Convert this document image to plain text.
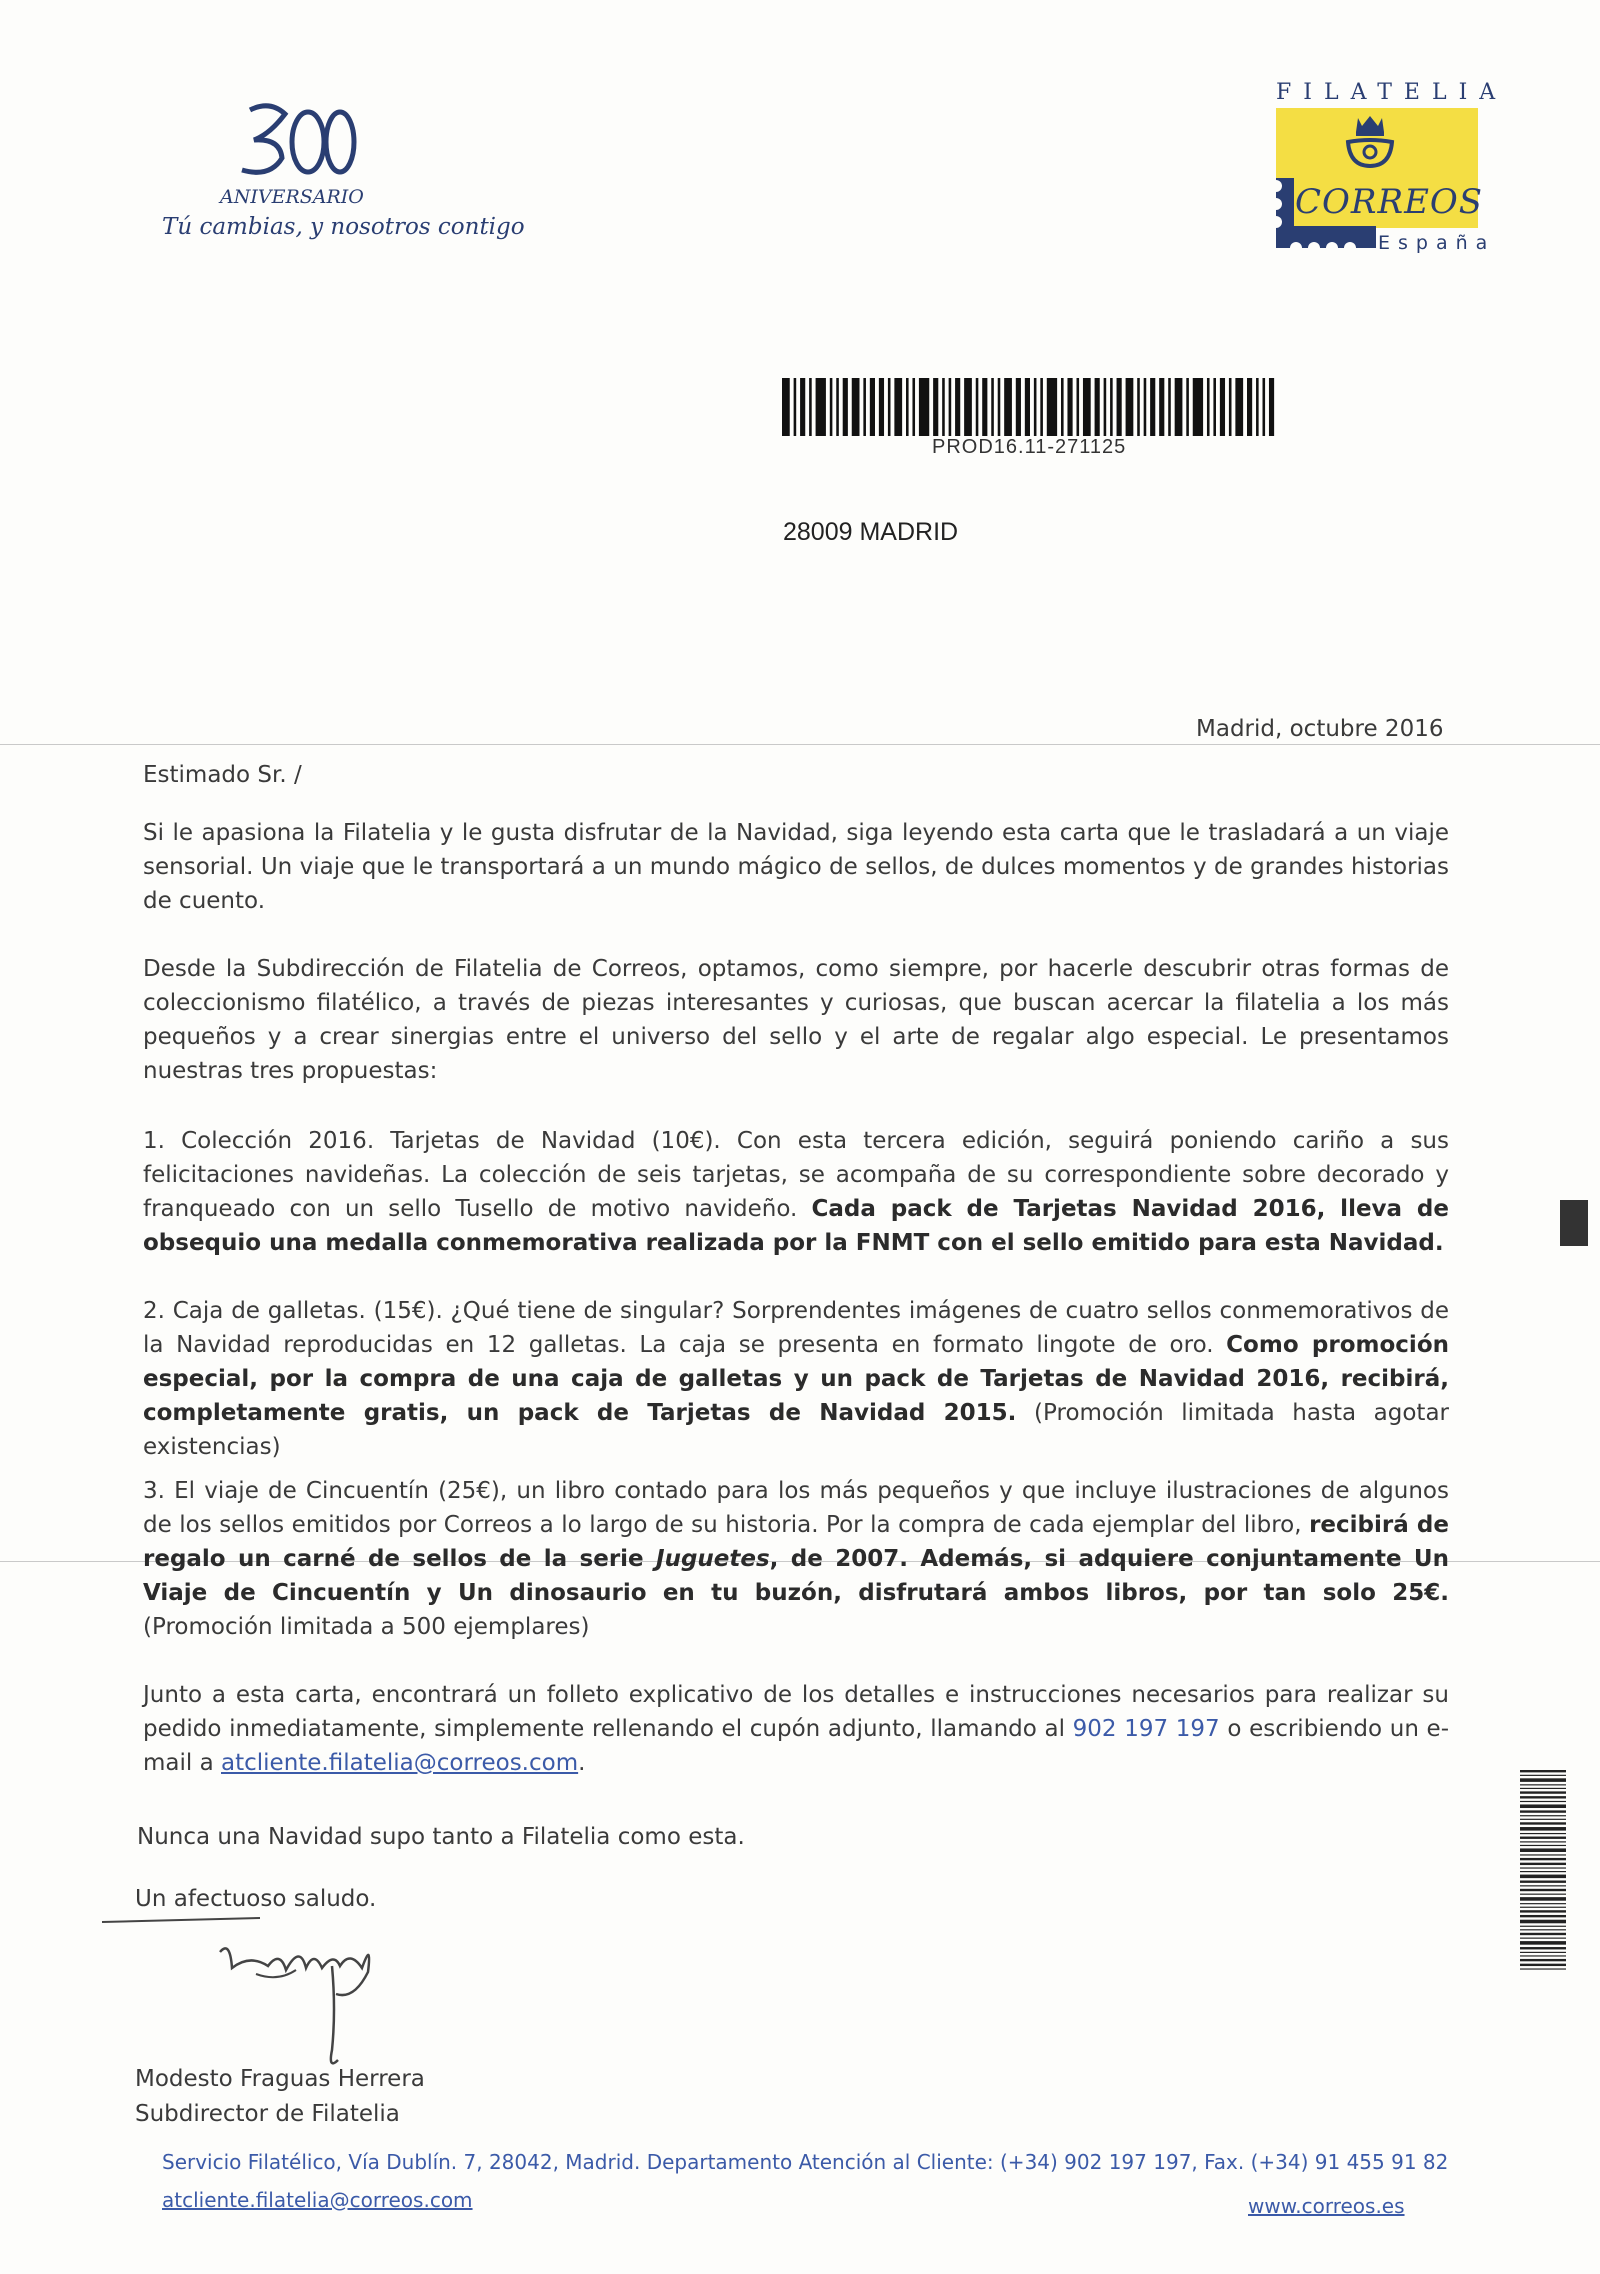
ANIVERSARIO
Tú cambias, y nosotros contigo
FILATELIA
CORREOS
España
PROD16.11-271125
28009 MADRID
Madrid, octubre 2016
Estimado Sr. /
Si le apasiona la Filatelia y le gusta disfrutar de la Navidad, siga leyendo esta carta que le trasladará a un viaje sensorial. Un viaje que le transportará a un mundo mágico de sellos, de dulces momentos y de grandes historias de cuento.
Desde la Subdirección de Filatelia de Correos, optamos, como siempre, por hacerle descubrir otras formas de coleccionismo filatélico, a través de piezas interesantes y curiosas, que buscan acercar la filatelia a los más pequeños y a crear sinergias entre el universo del sello y el arte de regalar algo especial. Le presentamos nuestras tres propuestas:
1. Colección 2016. Tarjetas de Navidad (10€). Con esta tercera edición, seguirá poniendo cariño a sus felicitaciones navideñas. La colección de seis tarjetas, se acompaña de su correspondiente sobre decorado y franqueado con un sello Tusello de motivo navideño. Cada pack de Tarjetas Navidad 2016, lleva de obsequio una medalla conmemorativa realizada por la FNMT con el sello emitido para esta Navidad.
2. Caja de galletas. (15€). ¿Qué tiene de singular? Sorprendentes imágenes de cuatro sellos conmemorativos de la Navidad reproducidas en 12 galletas. La caja se presenta en formato lingote de oro. Como promoción especial, por la compra de una caja de galletas y un pack de Tarjetas de Navidad 2016, recibirá, completamente gratis, un pack de Tarjetas de Navidad 2015. (Promoción limitada hasta agotar existencias)
3. El viaje de Cincuentín (25€), un libro contado para los más pequeños y que incluye ilustraciones de algunos de los sellos emitidos por Correos a lo largo de su historia. Por la compra de cada ejemplar del libro, recibirá de regalo un carné de sellos de la serie Juguetes, de 2007. Además, si adquiere conjuntamente Un Viaje de Cincuentín y Un dinosaurio en tu buzón, disfrutará ambos libros, por tan solo 25€. (Promoción limitada a 500 ejemplares)
Junto a esta carta, encontrará un folleto explicativo de los detalles e instrucciones necesarios para realizar su pedido inmediatamente, simplemente rellenando el cupón adjunto, llamando al 902 197 197 o escribiendo un e-mail a atcliente.filatelia@correos.com.
Nunca una Navidad supo tanto a Filatelia como esta.
Un afectuoso saludo.
Modesto Fraguas Herrera
Subdirector de Filatelia
Servicio Filatélico, Vía Dublín. 7, 28042, Madrid. Departamento Atención al Cliente: (+34) 902 197 197, Fax. (+34) 91 455 91 82
atcliente.filatelia@correos.com	www.correos.es
